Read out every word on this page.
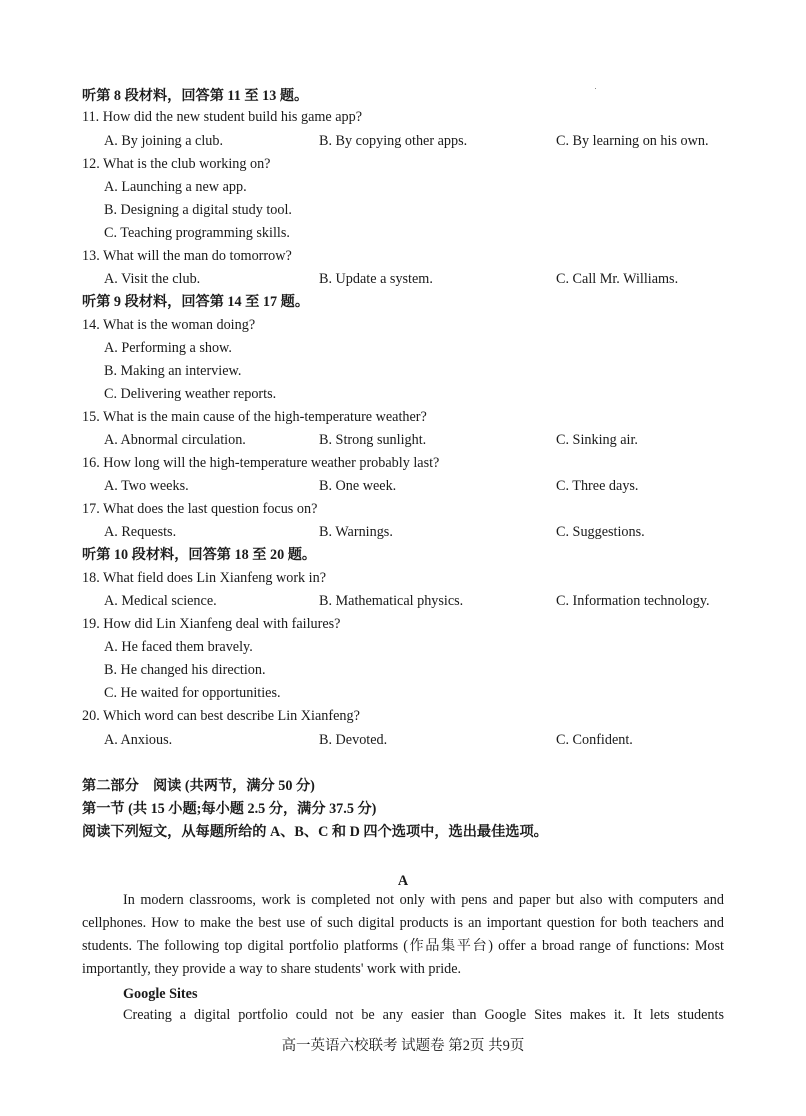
听第 8 段材料，回答第 11 至 13 题。
11. How did the new student build his game app?
A. By joining a club.	B. By copying other apps.	C. By learning on his own.
12. What is the club working on?
A. Launching a new app.
B. Designing a digital study tool.
C. Teaching programming skills.
13. What will the man do tomorrow?
A. Visit the club.	B. Update a system.	C. Call Mr. Williams.
听第 9 段材料，回答第 14 至 17 题。
14. What is the woman doing?
A. Performing a show.
B. Making an interview.
C. Delivering weather reports.
15. What is the main cause of the high-temperature weather?
A. Abnormal circulation.	B. Strong sunlight.	C. Sinking air.
16. How long will the high-temperature weather probably last?
A. Two weeks.	B. One week.	C. Three days.
17. What does the last question focus on?
A. Requests.	B. Warnings.	C. Suggestions.
听第 10 段材料，回答第 18 至 20 题。
18. What field does Lin Xianfeng work in?
A. Medical science.	B. Mathematical physics.	C. Information technology.
19. How did Lin Xianfeng deal with failures?
A. He faced them bravely.
B. He changed his direction.
C. He waited for opportunities.
20. Which word can best describe Lin Xianfeng?
A. Anxious.	B. Devoted.	C. Confident.
第二部分　阅读 (共两节，满分 50 分)
第一节 (共 15 小题;每小题 2.5 分，满分 37.5 分)
阅读下列短文，从每题所给的 A、B、C 和 D 四个选项中，选出最佳选项。
A

In modern classrooms, work is completed not only with pens and paper but also with computers and cellphones. How to make the best use of such digital products is an important question for both teachers and students. The following top digital portfolio platforms (作品集平台) offer a broad range of functions: Most importantly, they provide a way to share students' work with pride.

Google Sites

Creating a digital portfolio could not be any easier than Google Sites makes it. It lets students

高一英语六校联考 试题卷 第2页 共9页
